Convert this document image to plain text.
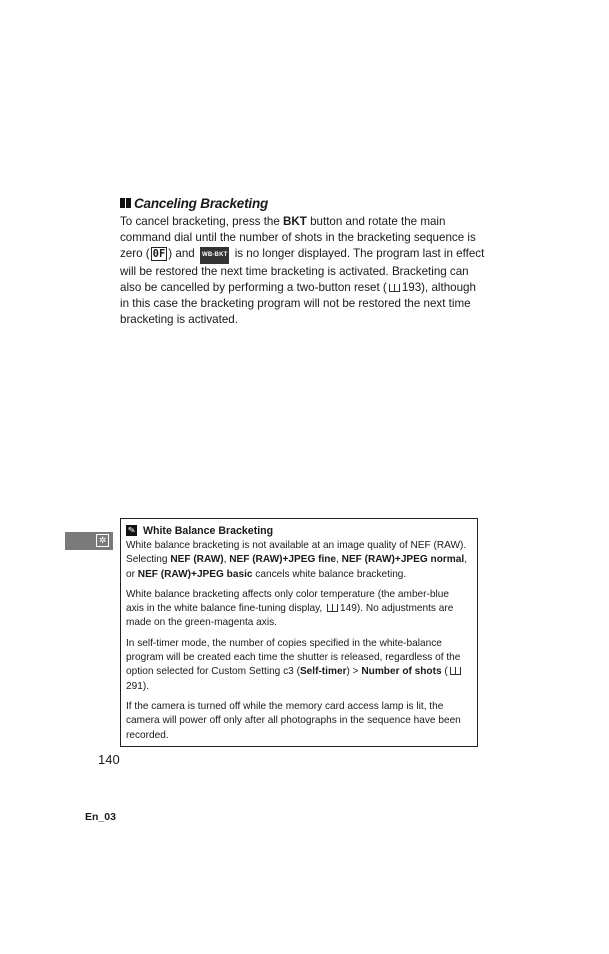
Canceling Bracketing

To cancel bracketing, press the BKT button and rotate the main command dial until the number of shots in the bracketing sequence is zero ( 0F ) and WB-BKT is no longer displayed. The program last in effect will be restored the next time bracketing is activated. Bracketing can also be cancelled by performing a two-button reset ( 193), although in this case the bracketing program will not be restored the next time bracketing is activated.

✲
✎ White Balance Bracketing

White balance bracketing is not available at an image quality of NEF (RAW). Selecting NEF (RAW), NEF (RAW)+JPEG fine, NEF (RAW)+JPEG normal, or NEF (RAW)+JPEG basic cancels white balance bracketing.

White balance bracketing affects only color temperature (the amber-blue axis in the white balance fine-tuning display, 149). No adjustments are made on the green-magenta axis.

In self-timer mode, the number of copies specified in the white-balance program will be created each time the shutter is released, regardless of the option selected for Custom Setting c3 (Self-timer) > Number of shots (291).

If the camera is turned off while the memory card access lamp is lit, the camera will power off only after all photographs in the sequence have been recorded.

140
En_03
